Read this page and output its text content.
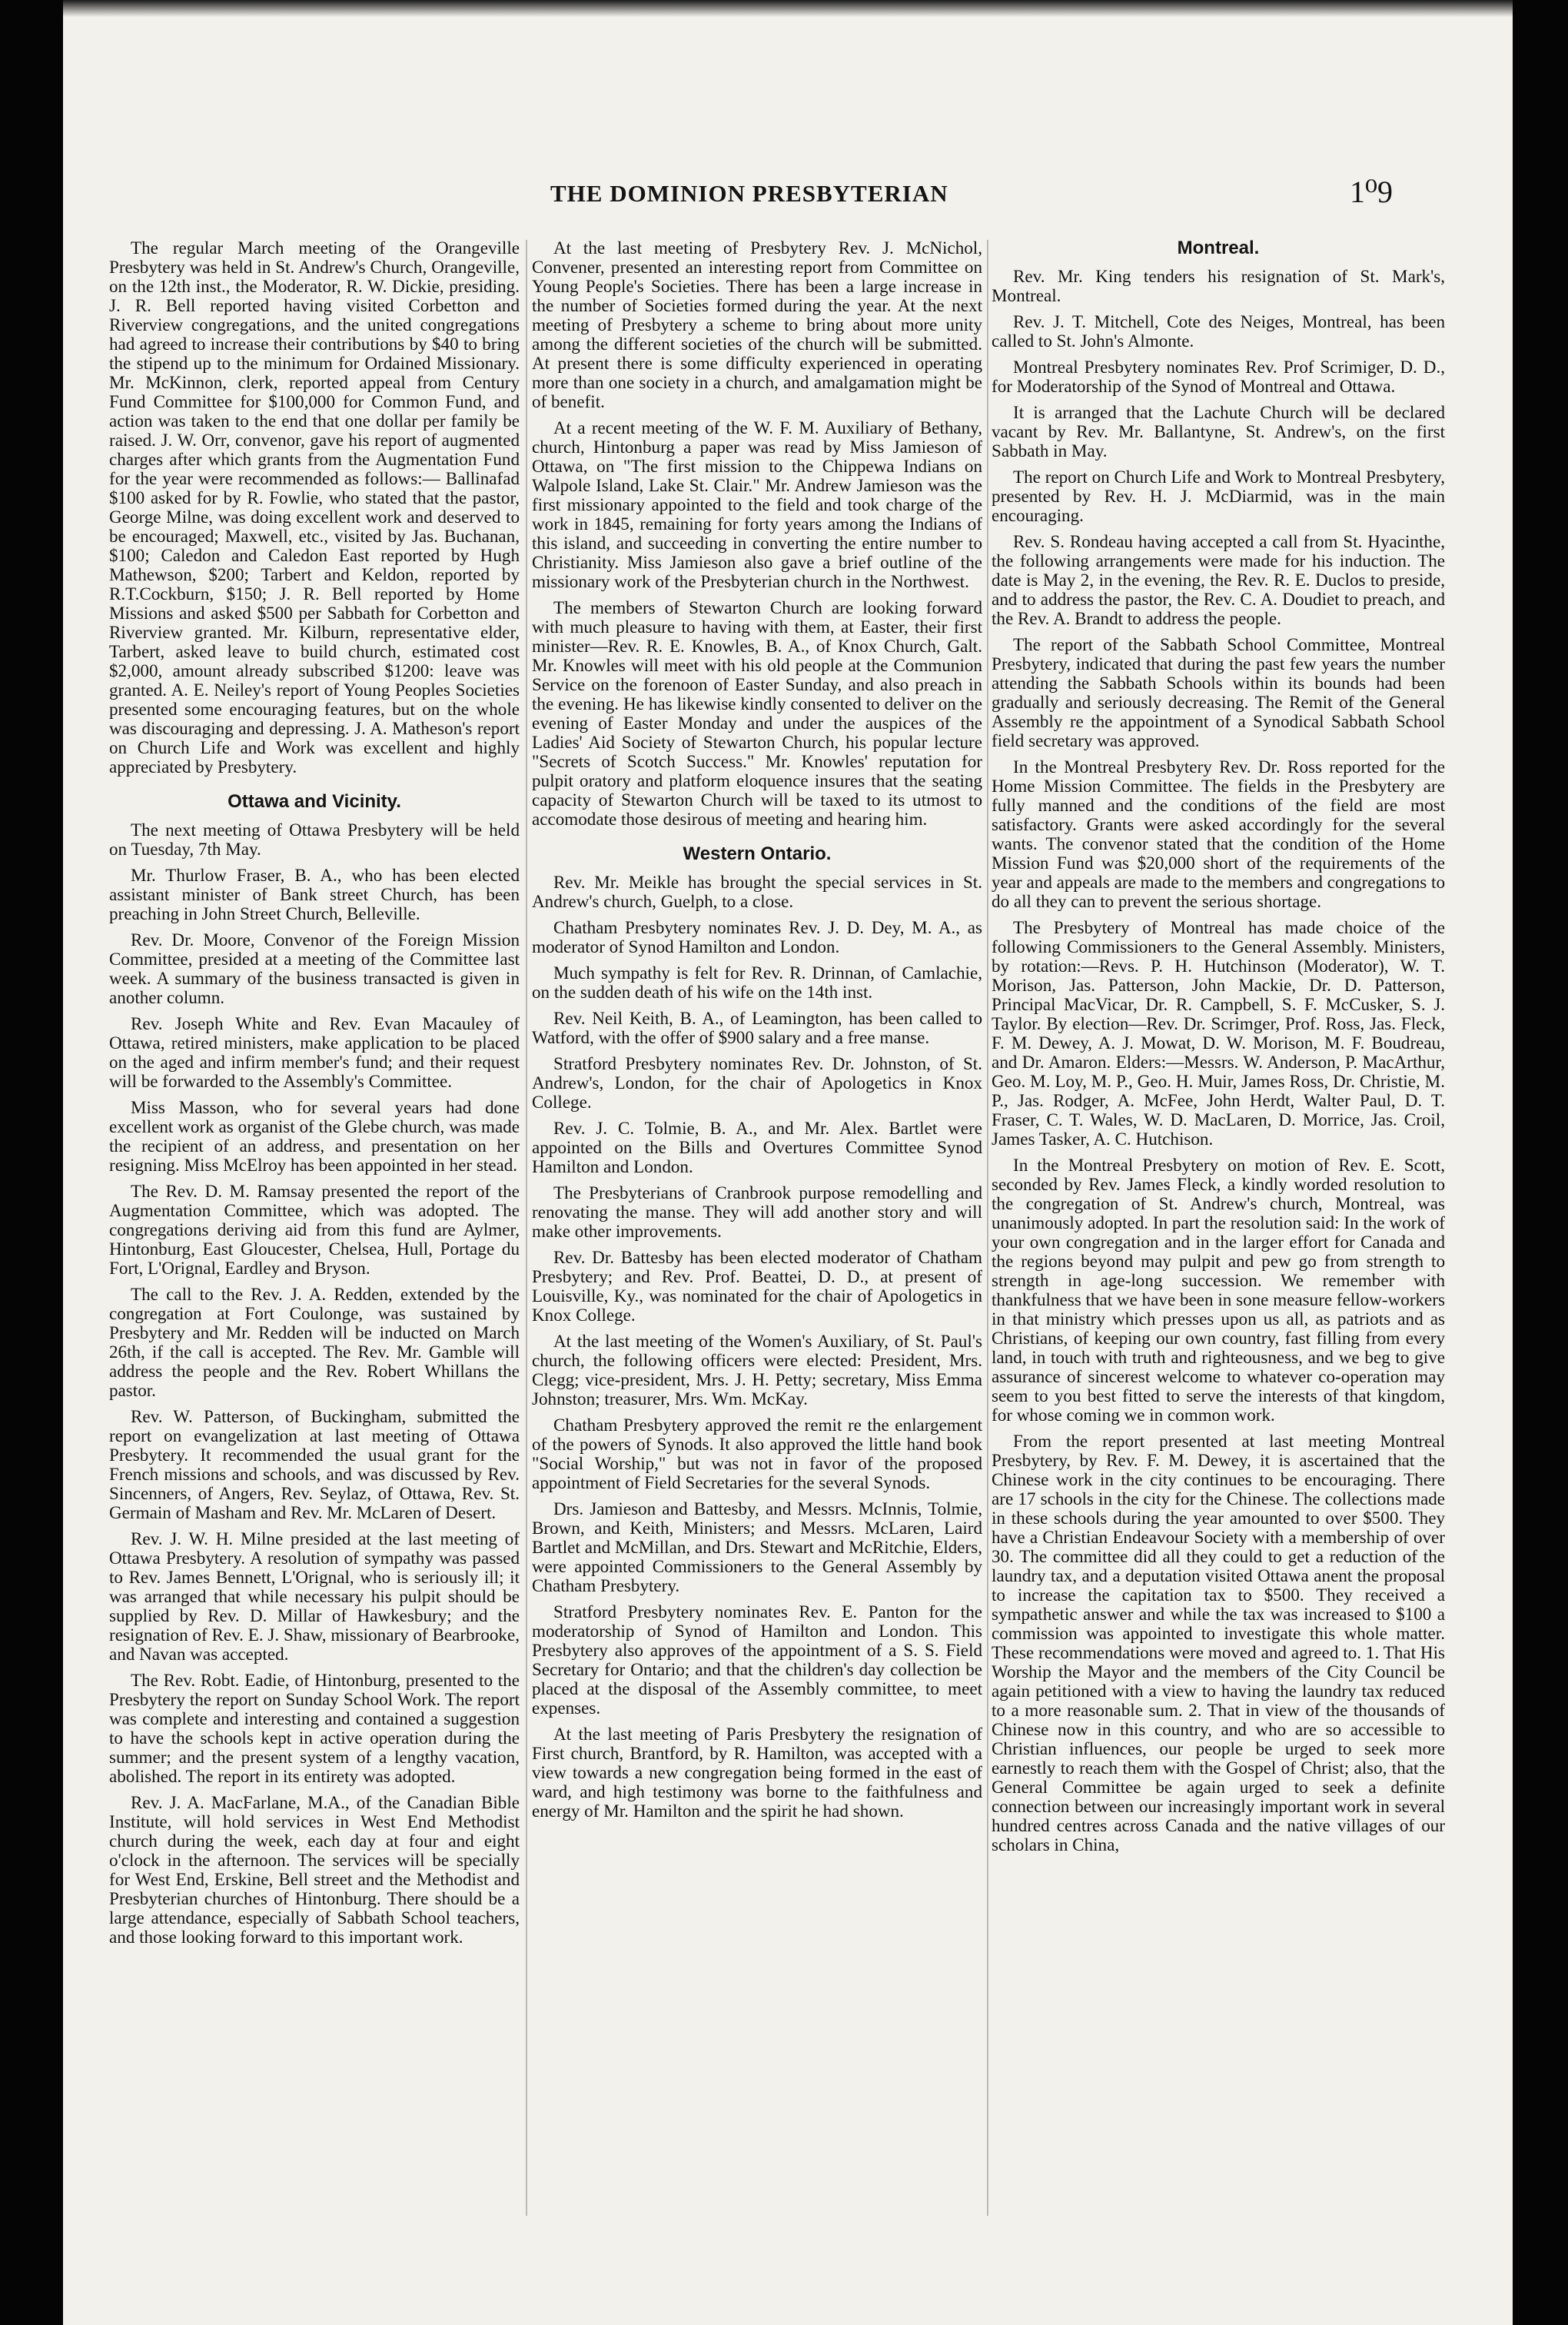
THE DOMINION PRESBYTERIAN	1⁰9

The regular March meeting of the Orangeville Presbytery was held in St. Andrew's Church, Orangeville, on the 12th inst., the Moderator, R. W. Dickie, presiding. J. R. Bell reported having visited Corbetton and Riverview congregations, and the united congregations had agreed to increase their contributions by $40 to bring the stipend up to the minimum for Ordained Missionary. Mr. McKinnon, clerk, reported appeal from Century Fund Committee for $100,000 for Common Fund, and action was taken to the end that one dollar per family be raised. J. W. Orr, convenor, gave his report of augmented charges after which grants from the Augmentation Fund for the year were recommended as follows:— Ballinafad $100 asked for by R. Fowlie, who stated that the pastor, George Milne, was doing excellent work and deserved to be encouraged; Maxwell, etc., visited by Jas. Buchanan, $100; Caledon and Caledon East reported by Hugh Mathewson, $200; Tarbert and Keldon, reported by R.T.Cockburn, $150; J. R. Bell reported by Home Missions and asked $500 per Sabbath for Corbetton and Riverview granted. Mr. Kilburn, representative elder, Tarbert, asked leave to build church, estimated cost $2,000, amount already subscribed $1200: leave was granted. A. E. Neiley's report of Young Peoples Societies presented some encouraging features, but on the whole was discouraging and depressing. J. A. Matheson's report on Church Life and Work was excellent and highly appreciated by Presbytery.

Ottawa and Vicinity.

The next meeting of Ottawa Presbytery will be held on Tuesday, 7th May.

Mr. Thurlow Fraser, B. A., who has been elected assistant minister of Bank street Church, has been preaching in John Street Church, Belleville.

Rev. Dr. Moore, Convenor of the Foreign Mission Committee, presided at a meeting of the Committee last week. A summary of the business transacted is given in another column.

Rev. Joseph White and Rev. Evan Macauley of Ottawa, retired ministers, make application to be placed on the aged and infirm member's fund; and their request will be forwarded to the Assembly's Committee.

Miss Masson, who for several years had done excellent work as organist of the Glebe church, was made the recipient of an address, and presentation on her resigning. Miss McElroy has been appointed in her stead.

The Rev. D. M. Ramsay presented the report of the Augmentation Committee, which was adopted. The congregations deriving aid from this fund are Aylmer, Hintonburg, East Gloucester, Chelsea, Hull, Portage du Fort, L'Orignal, Eardley and Bryson.

The call to the Rev. J. A. Redden, extended by the congregation at Fort Coulonge, was sustained by Presbytery and Mr. Redden will be inducted on March 26th, if the call is accepted. The Rev. Mr. Gamble will address the people and the Rev. Robert Whillans the pastor.

Rev. W. Patterson, of Buckingham, submitted the report on evangelization at last meeting of Ottawa Presbytery. It recommended the usual grant for the French missions and schools, and was discussed by Rev. Sincenners, of Angers, Rev. Seylaz, of Ottawa, Rev. St. Germain of Masham and Rev. Mr. McLaren of Desert.

Rev. J. W. H. Milne presided at the last meeting of Ottawa Presbytery. A resolution of sympathy was passed to Rev. James Bennett, L'Orignal, who is seriously ill; it was arranged that while necessary his pulpit should be supplied by Rev. D. Millar of Hawkesbury; and the resignation of Rev. E. J. Shaw, missionary of Bearbrooke, and Navan was accepted.

The Rev. Robt. Eadie, of Hintonburg, presented to the Presbytery the report on Sunday School Work. The report was complete and interesting and contained a suggestion to have the schools kept in active operation during the summer; and the present system of a lengthy vacation, abolished. The report in its entirety was adopted.

Rev. J. A. MacFarlane, M.A., of the Canadian Bible Institute, will hold services in West End Methodist church during the week, each day at four and eight o'clock in the afternoon. The services will be specially for West End, Erskine, Bell street and the Methodist and Presbyterian churches of Hintonburg. There should be a large attendance, especially of Sabbath School teachers, and those looking forward to this important work.

At the last meeting of Presbytery Rev. J. McNichol, Convener, presented an interesting report from Committee on Young People's Societies. There has been a large increase in the number of Societies formed during the year. At the next meeting of Presbytery a scheme to bring about more unity among the different societies of the church will be submitted. At present there is some difficulty experienced in operating more than one society in a church, and amalgamation might be of benefit.

At a recent meeting of the W. F. M. Auxiliary of Bethany, church, Hintonburg a paper was read by Miss Jamieson of Ottawa, on "The first mission to the Chippewa Indians on Walpole Island, Lake St. Clair." Mr. Andrew Jamieson was the first missionary appointed to the field and took charge of the work in 1845, remaining for forty years among the Indians of this island, and succeeding in converting the entire number to Christianity. Miss Jamieson also gave a brief outline of the missionary work of the Presbyterian church in the Northwest.

The members of Stewarton Church are looking forward with much pleasure to having with them, at Easter, their first minister—Rev. R. E. Knowles, B. A., of Knox Church, Galt. Mr. Knowles will meet with his old people at the Communion Service on the forenoon of Easter Sunday, and also preach in the evening. He has likewise kindly consented to deliver on the evening of Easter Monday and under the auspices of the Ladies' Aid Society of Stewarton Church, his popular lecture "Secrets of Scotch Success." Mr. Knowles' reputation for pulpit oratory and platform eloquence insures that the seating capacity of Stewarton Church will be taxed to its utmost to accomodate those desirous of meeting and hearing him.

Western Ontario.

Rev. Mr. Meikle has brought the special services in St. Andrew's church, Guelph, to a close.

Chatham Presbytery nominates Rev. J. D. Dey, M. A., as moderator of Synod Hamilton and London.

Much sympathy is felt for Rev. R. Drinnan, of Camlachie, on the sudden death of his wife on the 14th inst.

Rev. Neil Keith, B. A., of Leamington, has been called to Watford, with the offer of $900 salary and a free manse.

Stratford Presbytery nominates Rev. Dr. Johnston, of St. Andrew's, London, for the chair of Apologetics in Knox College.

Rev. J. C. Tolmie, B. A., and Mr. Alex. Bartlet were appointed on the Bills and Overtures Committee Synod Hamilton and London.

The Presbyterians of Cranbrook purpose remodelling and renovating the manse. They will add another story and will make other improvements.

Rev. Dr. Battesby has been elected moderator of Chatham Presbytery; and Rev. Prof. Beattei, D. D., at present of Louisville, Ky., was nominated for the chair of Apologetics in Knox College.

At the last meeting of the Women's Auxiliary, of St. Paul's church, the following officers were elected: President, Mrs. Clegg; vice-president, Mrs. J. H. Petty; secretary, Miss Emma Johnston; treasurer, Mrs. Wm. McKay.

Chatham Presbytery approved the remit re the enlargement of the powers of Synods. It also approved the little hand book "Social Worship," but was not in favor of the proposed appointment of Field Secretaries for the several Synods.

Drs. Jamieson and Battesby, and Messrs. McInnis, Tolmie, Brown, and Keith, Ministers; and Messrs. McLaren, Laird Bartlet and McMillan, and Drs. Stewart and McRitchie, Elders, were appointed Commissioners to the General Assembly by Chatham Presbytery.

Stratford Presbytery nominates Rev. E. Panton for the moderatorship of Synod of Hamilton and London. This Presbytery also approves of the appointment of a S. S. Field Secretary for Ontario; and that the children's day collection be placed at the disposal of the Assembly committee, to meet expenses.

At the last meeting of Paris Presbytery the resignation of First church, Brantford, by R. Hamilton, was accepted with a view towards a new congregation being formed in the east of ward, and high testimony was borne to the faithfulness and energy of Mr. Hamilton and the spirit he had shown.

Montreal.

Rev. Mr. King tenders his resignation of St. Mark's, Montreal.

Rev. J. T. Mitchell, Cote des Neiges, Montreal, has been called to St. John's Almonte.

Montreal Presbytery nominates Rev. Prof Scrimiger, D. D., for Moderatorship of the Synod of Montreal and Ottawa.

It is arranged that the Lachute Church will be declared vacant by Rev. Mr. Ballantyne, St. Andrew's, on the first Sabbath in May.

The report on Church Life and Work to Montreal Presbytery, presented by Rev. H. J. McDiarmid, was in the main encouraging.

Rev. S. Rondeau having accepted a call from St. Hyacinthe, the following arrangements were made for his induction. The date is May 2, in the evening, the Rev. R. E. Duclos to preside, and to address the pastor, the Rev. C. A. Doudiet to preach, and the Rev. A. Brandt to address the people.

The report of the Sabbath School Committee, Montreal Presbytery, indicated that during the past few years the number attending the Sabbath Schools within its bounds had been gradually and seriously decreasing. The Remit of the General Assembly re the appointment of a Synodical Sabbath School field secretary was approved.

In the Montreal Presbytery Rev. Dr. Ross reported for the Home Mission Committee. The fields in the Presbytery are fully manned and the conditions of the field are most satisfactory. Grants were asked accordingly for the several wants. The convenor stated that the condition of the Home Mission Fund was $20,000 short of the requirements of the year and appeals are made to the members and congregations to do all they can to prevent the serious shortage.

The Presbytery of Montreal has made choice of the following Commissioners to the General Assembly. Ministers, by rotation:—Revs. P. H. Hutchinson (Moderator), W. T. Morison, Jas. Patterson, John Mackie, Dr. D. Patterson, Principal MacVicar, Dr. R. Campbell, S. F. McCusker, S. J. Taylor. By election—Rev. Dr. Scrimger, Prof. Ross, Jas. Fleck, F. M. Dewey, A. J. Mowat, D. W. Morison, M. F. Boudreau, and Dr. Amaron. Elders:—Messrs. W. Anderson, P. MacArthur, Geo. M. Loy, M. P., Geo. H. Muir, James Ross, Dr. Christie, M. P., Jas. Rodger, A. McFee, John Herdt, Walter Paul, D. T. Fraser, C. T. Wales, W. D. MacLaren, D. Morrice, Jas. Croil, James Tasker, A. C. Hutchison.

In the Montreal Presbytery on motion of Rev. E. Scott, seconded by Rev. James Fleck, a kindly worded resolution to the congregation of St. Andrew's church, Montreal, was unanimously adopted. In part the resolution said: In the work of your own congregation and in the larger effort for Canada and the regions beyond may pulpit and pew go from strength to strength in age-long succession. We remember with thankfulness that we have been in sone measure fellow-workers in that ministry which presses upon us all, as patriots and as Christians, of keeping our own country, fast filling from every land, in touch with truth and righteousness, and we beg to give assurance of sincerest welcome to whatever co-operation may seem to you best fitted to serve the interests of that kingdom, for whose coming we in common work.

From the report presented at last meeting Montreal Presbytery, by Rev. F. M. Dewey, it is ascertained that the Chinese work in the city continues to be encouraging. There are 17 schools in the city for the Chinese. The collections made in these schools during the year amounted to over $500. They have a Christian Endeavour Society with a membership of over 30. The committee did all they could to get a reduction of the laundry tax, and a deputation visited Ottawa anent the proposal to increase the capitation tax to $500. They received a sympathetic answer and while the tax was increased to $100 a commission was appointed to investigate this whole matter. These recommendations were moved and agreed to. 1. That His Worship the Mayor and the members of the City Council be again petitioned with a view to having the laundry tax reduced to a more reasonable sum. 2. That in view of the thousands of Chinese now in this country, and who are so accessible to Christian influences, our people be urged to seek more earnestly to reach them with the Gospel of Christ; also, that the General Committee be again urged to seek a definite connection between our increasingly important work in several hundred centres across Canada and the native villages of our scholars in China,
